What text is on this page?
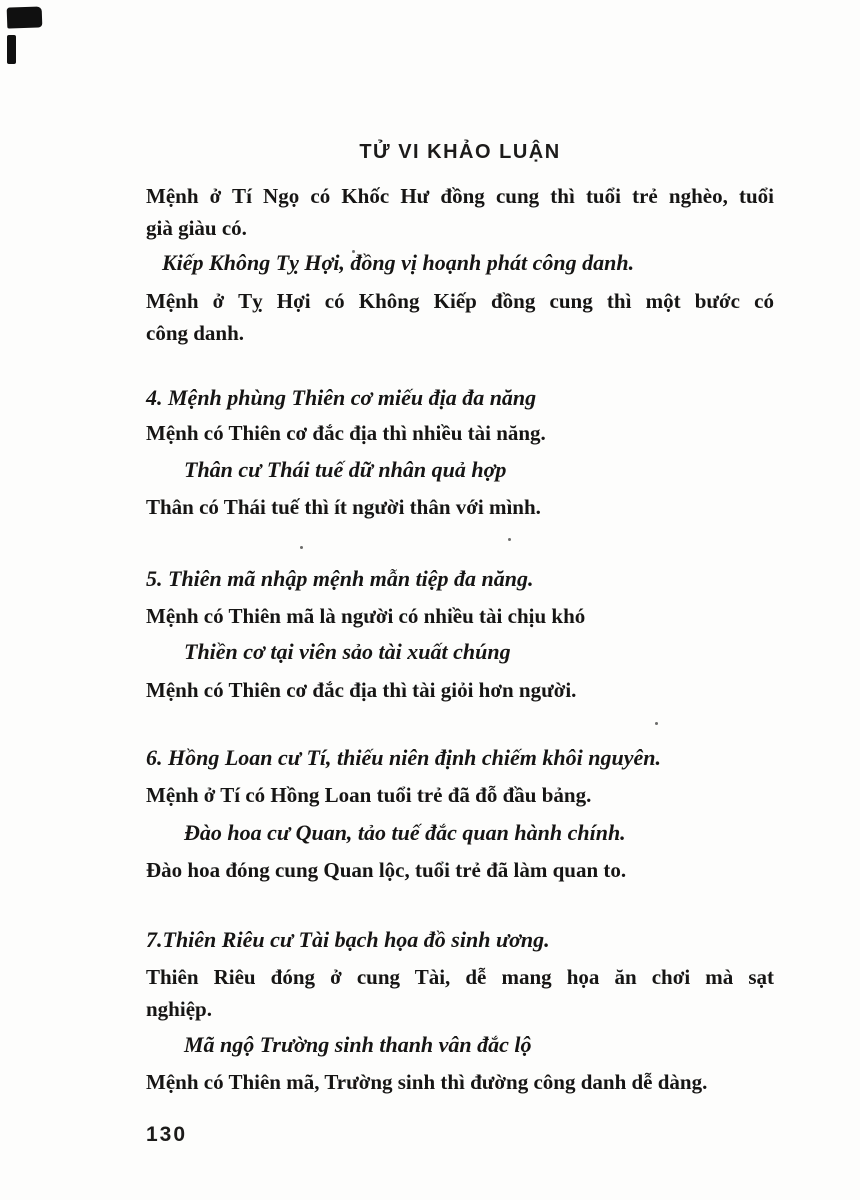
TỬ VI KHẢO LUẬN
Mệnh ở Tí Ngọ có Khốc Hư đồng cung thì tuổi trẻ nghèo, tuổi
già giàu có.
Kiếp Không Tỵ Hợi, đồng vị hoạnh phát công danh.
Mệnh ở Tỵ Hợi có Không Kiếp đồng cung thì một bước có
công danh.
4. Mệnh phùng Thiên cơ miếu địa đa năng
Mệnh có Thiên cơ đắc địa thì nhiều tài năng.
Thân cư Thái tuế dữ nhân quả hợp
Thân có Thái tuế thì ít người thân với mình.
5. Thiên mã nhập mệnh mẫn tiệp đa năng.
Mệnh có Thiên mã là người có nhiều tài chịu khó
Thiền cơ tại viên sảo tài xuất chúng
Mệnh có Thiên cơ đắc địa thì tài giỏi hơn người.
6. Hồng Loan cư Tí, thiếu niên định chiếm khôi nguyên.
Mệnh ở Tí có Hồng Loan tuổi trẻ đã đỗ đầu bảng.
Đào hoa cư Quan, tảo tuế đắc quan hành chính.
Đào hoa đóng cung Quan lộc, tuổi trẻ đã làm quan to.
7.Thiên Riêu cư Tài bạch họa đồ sinh ương.
Thiên Riêu đóng ở cung Tài, dễ mang họa ăn chơi mà sạt
nghiệp.
Mã ngộ Trường sinh thanh vân đắc lộ
Mệnh có Thiên mã, Trường sinh thì đường công danh dễ dàng.
130
